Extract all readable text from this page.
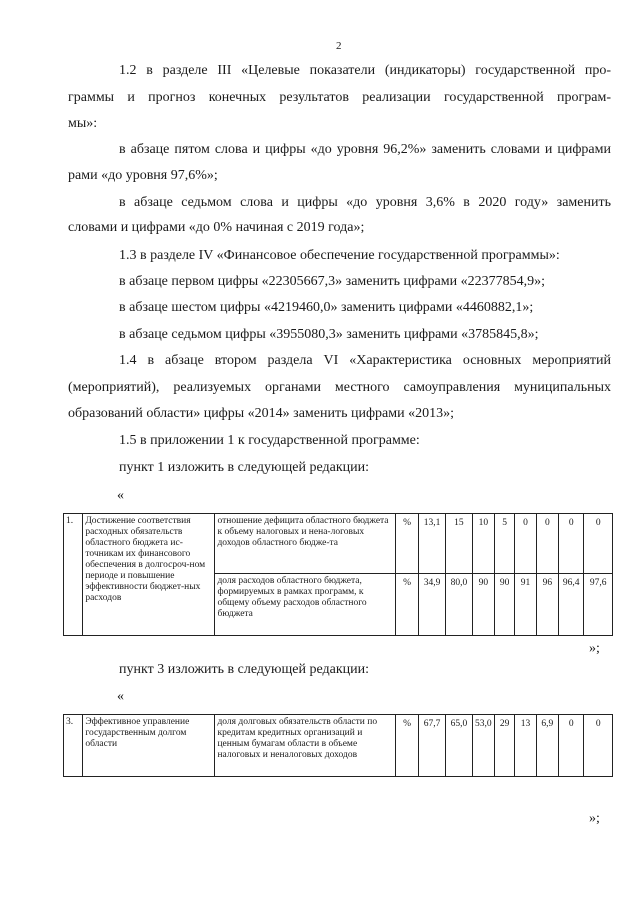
2
1.2 в разделе III «Целевые показатели (индикаторы) государственной про-
граммы и прогноз конечных результатов реализации государственной програм-
мы»:
в абзаце пятом слова и цифры «до уровня 96,2%» заменить словами и цифрами
рами «до уровня 97,6%»;
в абзаце седьмом слова и цифры «до уровня 3,6% в 2020 году» заменить
словами и цифрами «до 0% начиная с 2019 года»;
1.3 в разделе IV «Финансовое обеспечение государственной программы»:
в абзаце первом цифры «22305667,3» заменить цифрами «22377854,9»;
в абзаце шестом цифры «4219460,0» заменить цифрами «4460882,1»;
в абзаце седьмом цифры «3955080,3» заменить цифрами «3785845,8»;
1.4 в абзаце втором раздела VI «Характеристика основных мероприятий
(мероприятий), реализуемых органами местного самоуправления муниципальных
образований области» цифры «2014» заменить цифрами «2013»;
1.5 в приложении 1 к государственной программе:
пункт 1 изложить в следующей редакции:
«
1.	Достижение соответствия расходных обязательств областного бюджета ис-точникам их финансового обеспечения в долгосроч-ном периоде и повышение эффективности бюджет-ных расходов	отношение дефицита областного бюджета к объему налоговых и нена-логовых доходов областного бюдже-та	%	13,1	15	10	5	0	0	0	0
		доля расходов областного бюджета, формируемых в рамках программ, к общему объему расходов областного бюджета	%	34,9	80,0	90	90	91	96	96,4	97,6
»;
пункт 3 изложить в следующей редакции:
«
3.	Эффективное управление государственным долгом области	доля долговых обязательств области по кредитам кредитных организаций и ценным бумагам области в объеме налоговых и неналоговых доходов	%	67,7	65,0	53,0	29	13	6,9	0	0
»;
